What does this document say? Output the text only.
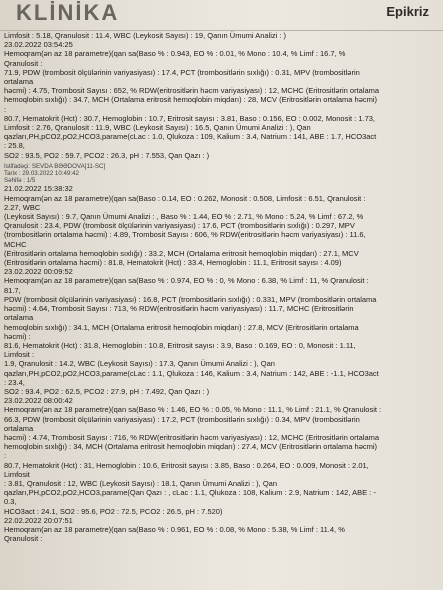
KLİNİKA	Epikriz
Limfosit : 5.18, Qranulosit : 11.4, WBC (Leykosit Sayısı) : 19, Qanın Ümumi Analizi : )
23.02.2022 03:54:25
Hemoqram(ən az 18 parametre)(qan sa(Baso % : 0.943, EO % : 0.01, % Mono : 10.4, % Limf : 16.7, %
Qranulosit :
71.9, PDW (trombosit ölçülərinin variyasiyası) : 17.4, PCT (trombositlərin sıxlığı) : 0.31, MPV (trombositlərin
ortalama
həcmi) : 4.75, Trombosit Sayısı : 652, % RDW(eritrositlərin həcm variyasiyası) : 12, MCHC (Eritrositlərin ortalama
hemoqlobin sıxlığı) : 34.7, MCH (Ortalama eritrosit hemoqlobin miqdarı) : 28, MCV (Eritrositlərin ortalama həcmi)
:
80.7, Hematokrit (Hct) : 30.7, Hemoglobin : 10.7, Eritrosit sayısı : 3.81, Baso : 0.156, EO : 0.002, Monosit : 1.73,
Limfosit : 2.76, Qranulosit : 11.9, WBC (Leykosit Sayısı) : 16.5, Qanın Ümumi Analizi : ), Qan
qazları,PH,pCO2,pO2,HCO3,parame(cLac : 1.0, Qlukoza : 109, Kalium : 3.4, Natrium : 141, ABE : 1.7, HCO3act
: 25.8,
SO2 : 93.5, PO2 : 59.7, PCO2 : 26.3, pH : 7.553, Qan Qazı : )
İstifadəçi: SEVDA BƏƏDOVA[11-SC]
Tarix : 29.03.2022 10:49:42
Səhifə : 1/5
21.02.2022 15:38:32
Hemoqram(ən az 18 parametre)(qan sa(Baso : 0.14, EO : 0.262, Monosit : 0.508, Limfosit : 6.51, Qranulosit :
2.27, WBC
(Leykosit Sayısı) : 9.7, Qanın Ümumi Analizi : , Baso % : 1.44, EO % : 2.71, % Mono : 5.24, % Limf : 67.2, %
Qranulosit : 23.4, PDW (trombosit ölçülərinin variyasiyası) : 17.6, PCT (trombositlərin sıxlığı) : 0.297, MPV
(trombositlərin ortalama həcmi) : 4.89, Trombosit Sayısı : 606, % RDW(eritrositlərin həcm variyasiyası) : 11.6,
MCHC
(Eritrositlərin ortalama hemoqlobin sıxlığı) : 33.2, MCH (Ortalama eritrosit hemoqlobin miqdarı) : 27.1, MCV
(Eritrositlərin ortalama həcmi) : 81.8, Hematokrit (Hct) : 33.4, Hemoglobin : 11.1, Eritrosit sayısı : 4.09)
23.02.2022 00:09:52
Hemoqram(ən az 18 parametre)(qan sa(Baso % : 0.974, EO % : 0, % Mono : 6.38, % Limf : 11, % Qranulosit :
81.7,
PDW (trombosit ölçülərinin variyasiyası) : 16.8, PCT (trombositlərin sıxlığı) : 0.331, MPV (trombositlərin ortalama
həcmi) : 4.64, Trombosit Sayısı : 713, % RDW(eritrositlərin həcm variyasiyası) : 11.7, MCHC (Eritrositlərin
ortalama
hemoqlobin sıxlığı) : 34.1, MCH (Ortalama eritrosit hemoqlobin miqdarı) : 27.8, MCV (Eritrositlərin ortalama
həcmi) :
81.6, Hematokrit (Hct) : 31.8, Hemoglobin : 10.8, Eritrosit sayısı : 3.9, Baso : 0.169, EO : 0, Monosit : 1.11,
Limfosit :
1.9, Qranulosit : 14.2, WBC (Leykosit Sayısı) : 17.3, Qanın Ümumi Analizi : ), Qan
qazları,PH,pCO2,pO2,HCO3,parame(cLac : 1.1, Qlukoza : 146, Kalium : 3.4, Natrium : 142, ABE : -1.1, HCO3act
: 23.4,
SO2 : 93.4, PO2 : 62.5, PCO2 : 27.9, pH : 7.492, Qan Qazı : )
23.02.2022 08:00:42
Hemoqram(ən az 18 parametre)(qan sa(Baso % : 1.46, EO % : 0.05, % Mono : 11.1, % Limf : 21.1, % Qranulosit :
66.3, PDW (trombosit ölçülərinin variyasiyası) : 17.2, PCT (trombositlərin sıxlığı) : 0.34, MPV (trombositlərin
ortalama
həcmi) : 4.74, Trombosit Sayısı : 716, % RDW(eritrositlərin həcm variyasiyası) : 12, MCHC (Eritrositlərin ortalama
hemoqlobin sıxlığı) : 34, MCH (Ortalama eritrosit hemoqlobin miqdarı) : 27.4, MCV (Eritrositlərin ortalama həcmi)
:
80.7, Hematokrit (Hct) : 31, Hemoglobin : 10.6, Eritrosit sayısı : 3.85, Baso : 0.264, EO : 0.009, Monosit : 2.01,
Limfosit
: 3.81, Qranulosit : 12, WBC (Leykosit Sayısı) : 18.1, Qanın Ümumi Analizi : ), Qan
qazları,PH,pCO2,pO2,HCO3,parame(Qan Qazı : , cLac : 1.1, Qlukoza : 108, Kalium : 2.9, Natrium : 142, ABE : -
0.3,
HCO3act : 24.1, SO2 : 95.6, PO2 : 72.5, PCO2 : 26.5, pH : 7.520)
22.02.2022 20:07:51
Hemoqram(ən az 18 parametre)(qan sa(Baso % : 0.961, EO % : 0.08, % Mono : 5.38, % Limf : 11.4, %
Qranulosit :
